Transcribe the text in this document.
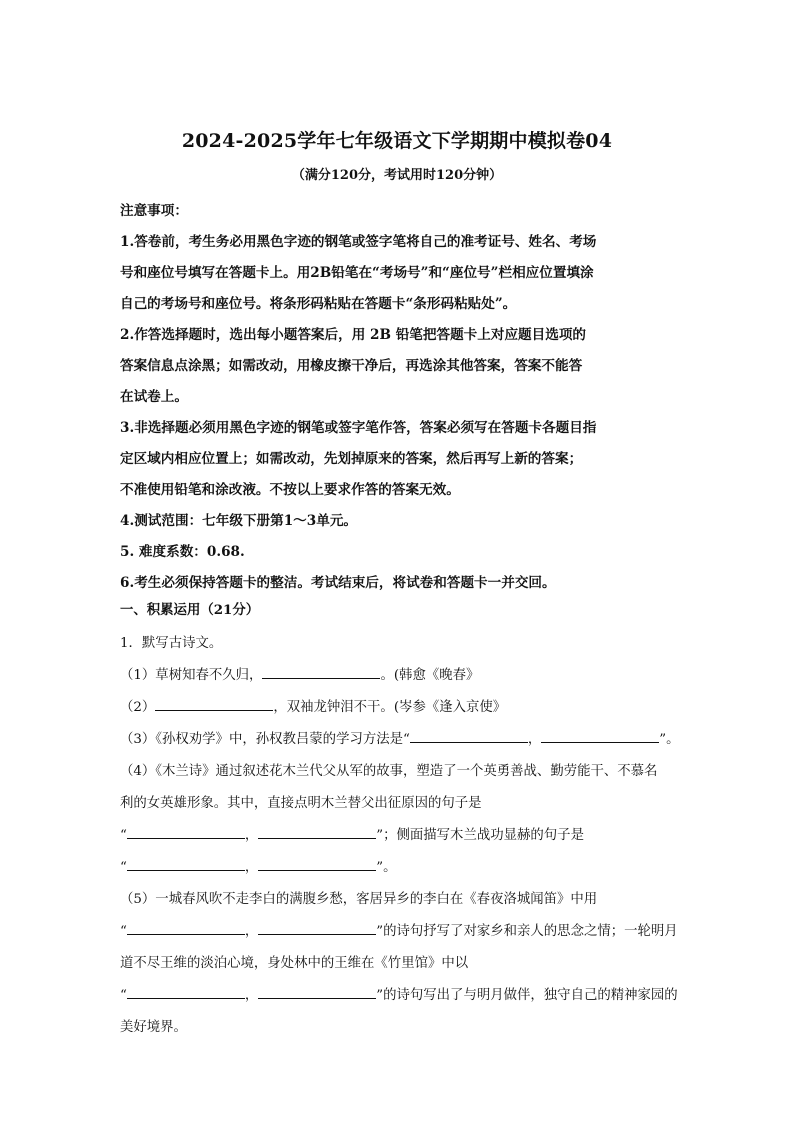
2024-2025学年七年级语文下学期期中模拟卷04
（满分120分，考试用时120分钟）
注意事项：
1.答卷前，考生务必用黑色字迹的钢笔或签字笔将自己的准考证号、姓名、考场
号和座位号填写在答题卡上。用2B铅笔在“考场号”和“座位号”栏相应位置填涂
自己的考场号和座位号。将条形码粘贴在答题卡“条形码粘贴处”。
2.作答选择题时，选出每小题答案后，用 2B 铅笔把答题卡上对应题目选项的
答案信息点涂黑；如需改动，用橡皮擦干净后，再选涂其他答案，答案不能答
在试卷上。
3.非选择题必须用黑色字迹的钢笔或签字笔作答，答案必须写在答题卡各题目指
定区域内相应位置上；如需改动，先划掉原来的答案，然后再写上新的答案；
不准使用铅笔和涂改液。不按以上要求作答的答案无效。
4.测试范围：七年级下册第1～3单元。
5. 难度系数：0.68.
6.考生必须保持答题卡的整洁。考试结束后，将试卷和答题卡一并交回。
一、积累运用（21分）
1．默写古诗文。
（1）草树知春不久归，	。(韩愈《晚春》
（2）	，双袖龙钟泪不干。(岑参《逢入京使》
（3）《孙权劝学》中，孙权教吕蒙的学习方法是“	，	”。
（4）《木兰诗》通过叙述花木兰代父从军的故事，塑造了一个英勇善战、勤劳能干、不慕名
利的女英雄形象。其中，直接点明木兰替父出征原因的句子是
“	，	”；侧面描写木兰战功显赫的句子是
“	，	”。
（5）一城春风吹不走李白的满腹乡愁，客居异乡的李白在《春夜洛城闻笛》中用
“	，	”的诗句抒写了对家乡和亲人的思念之情；一轮明月
道不尽王维的淡泊心境，身处林中的王维在《竹里馆》中以
“	，	”的诗句写出了与明月做伴，独守自己的精神家园的
美好境界。
